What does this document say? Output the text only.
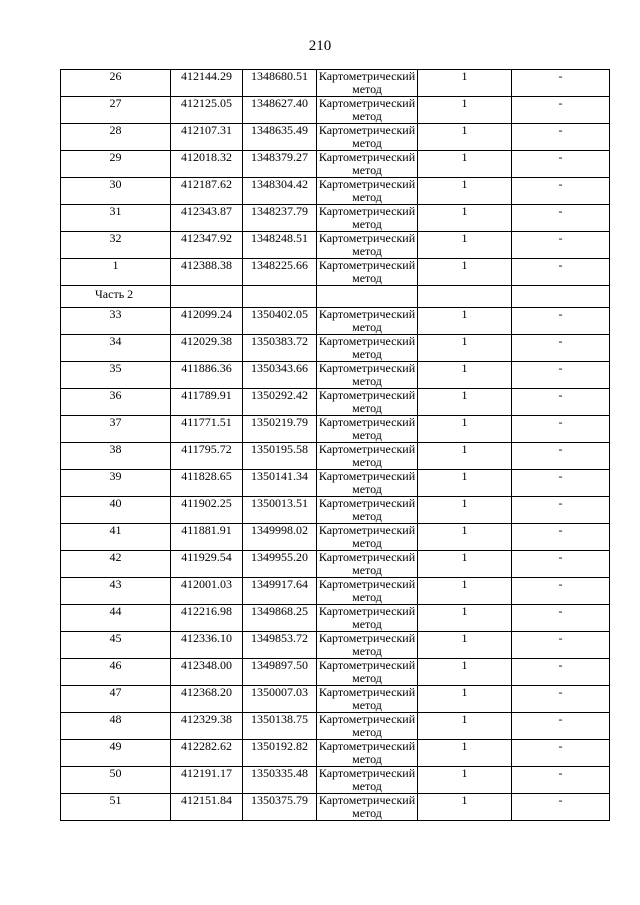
210
26	412144.29	1348680.51	Картометрический метод	1	-
27	412125.05	1348627.40	Картометрический метод	1	-
28	412107.31	1348635.49	Картометрический метод	1	-
29	412018.32	1348379.27	Картометрический метод	1	-
30	412187.62	1348304.42	Картометрический метод	1	-
31	412343.87	1348237.79	Картометрический метод	1	-
32	412347.92	1348248.51	Картометрический метод	1	-
1	412388.38	1348225.66	Картометрический метод	1	-
Часть 2					
33	412099.24	1350402.05	Картометрический метод	1	-
34	412029.38	1350383.72	Картометрический метод	1	-
35	411886.36	1350343.66	Картометрический метод	1	-
36	411789.91	1350292.42	Картометрический метод	1	-
37	411771.51	1350219.79	Картометрический метод	1	-
38	411795.72	1350195.58	Картометрический метод	1	-
39	411828.65	1350141.34	Картометрический метод	1	-
40	411902.25	1350013.51	Картометрический метод	1	-
41	411881.91	1349998.02	Картометрический метод	1	-
42	411929.54	1349955.20	Картометрический метод	1	-
43	412001.03	1349917.64	Картометрический метод	1	-
44	412216.98	1349868.25	Картометрический метод	1	-
45	412336.10	1349853.72	Картометрический метод	1	-
46	412348.00	1349897.50	Картометрический метод	1	-
47	412368.20	1350007.03	Картометрический метод	1	-
48	412329.38	1350138.75	Картометрический метод	1	-
49	412282.62	1350192.82	Картометрический метод	1	-
50	412191.17	1350335.48	Картометрический метод	1	-
51	412151.84	1350375.79	Картометрический метод	1	-
